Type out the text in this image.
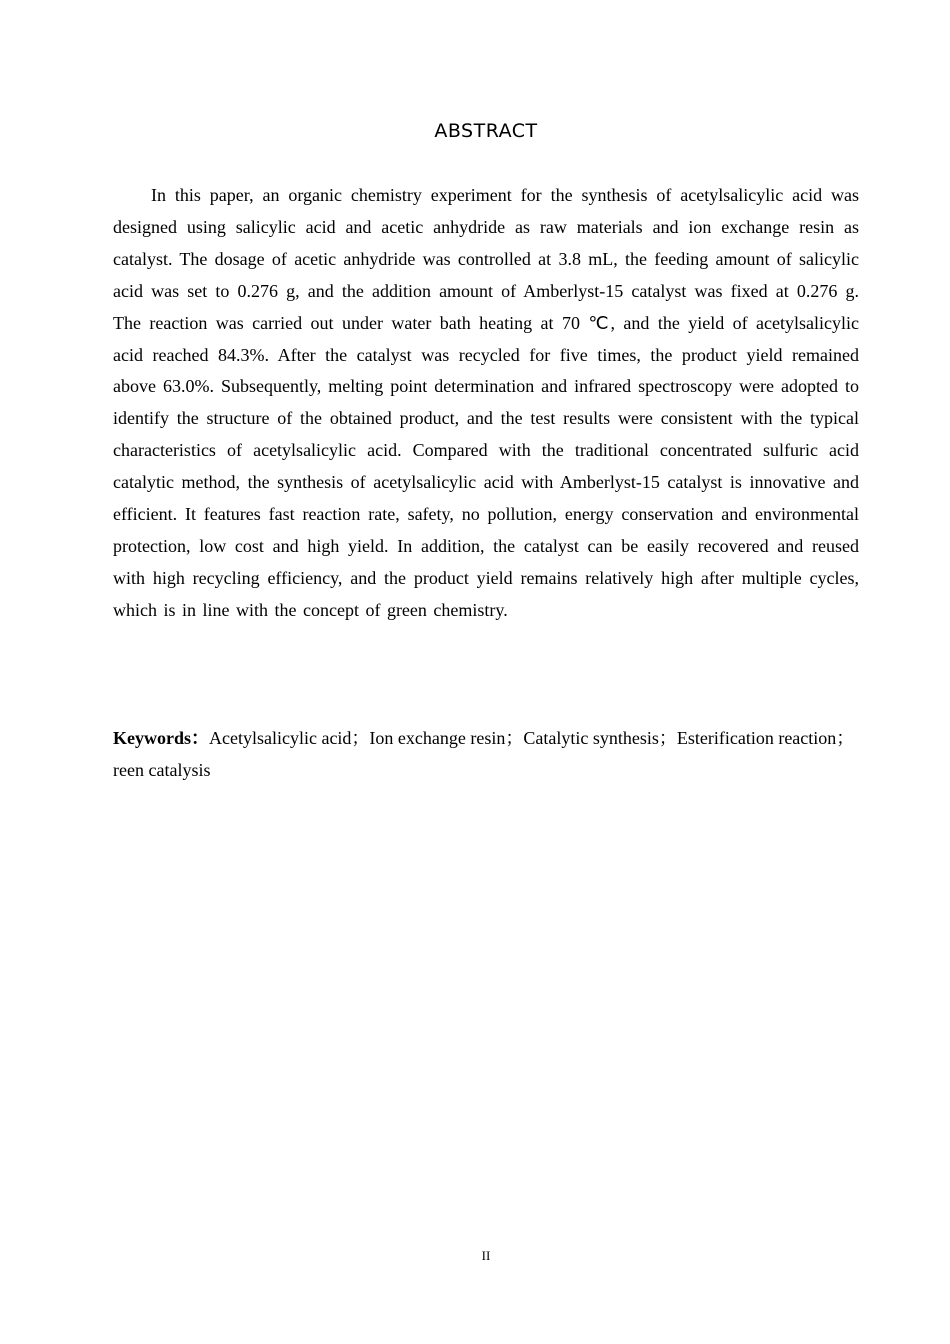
ABSTRACT

In this paper, an organic chemistry experiment for the synthesis of acetylsalicylic acid was designed using salicylic acid and acetic anhydride as raw materials and ion exchange resin as catalyst. The dosage of acetic anhydride was controlled at 3.8 mL, the feeding amount of salicylic acid was set to 0.276 g, and the addition amount of Amberlyst-15 catalyst was fixed at 0.276 g. The reaction was carried out under water bath heating at 70 ℃, and the yield of acetylsalicylic acid reached 84.3%. After the catalyst was recycled for five times, the product yield remained above 63.0%. Subsequently, melting point determination and infrared spectroscopy were adopted to identify the structure of the obtained product, and the test results were consistent with the typical characteristics of acetylsalicylic acid. Compared with the traditional concentrated sulfuric acid catalytic method, the synthesis of acetylsalicylic acid with Amberlyst-15 catalyst is innovative and efficient. It features fast reaction rate, safety, no pollution, energy conservation and environmental protection, low cost and high yield. In addition, the catalyst can be easily recovered and reused with high recycling efficiency, and the product yield remains relatively high after multiple cycles, which is in line with the concept of green chemistry.

Keywords：Acetylsalicylic acid；Ion exchange resin；Catalytic synthesis；Esterification reaction；reen catalysis

II
